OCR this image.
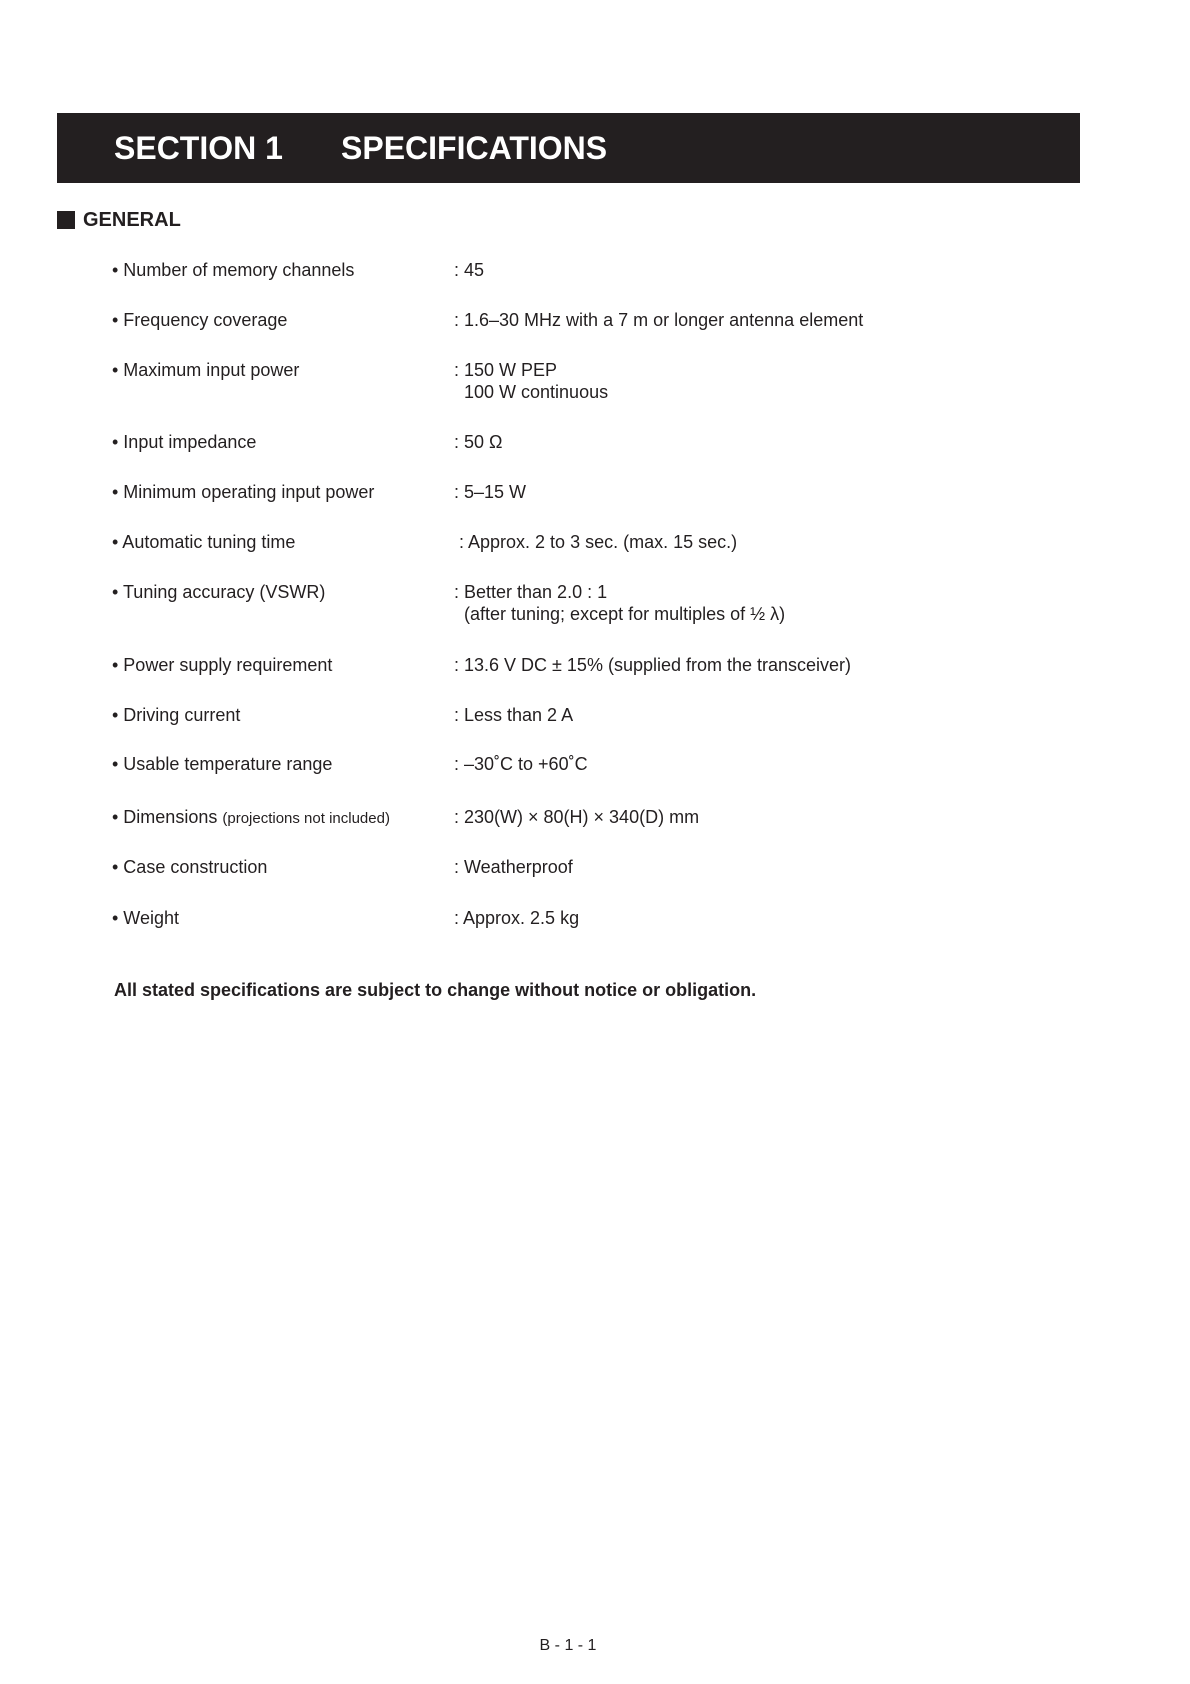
SECTION 1 SPECIFICATIONS
GENERAL
• Number of memory channels	: 45
• Frequency coverage	: 1.6–30 MHz with a 7 m or longer antenna element
• Maximum input power	: 150 W PEP
100 W continuous
• Input impedance	: 50 Ω
• Minimum operating input power	: 5–15 W
• Automatic tuning time	: Approx. 2 to 3 sec. (max. 15 sec.)
• Tuning accuracy (VSWR)	: Better than 2.0 : 1
(after tuning; except for multiples of ½ λ)
• Power supply requirement	: 13.6 V DC ± 15% (supplied from the transceiver)
• Driving current	: Less than 2 A
• Usable temperature range	: –30˚C to +60˚C
• Dimensions (projections not included)	: 230(W) × 80(H) × 340(D) mm
• Case construction	: Weatherproof
• Weight	: Approx. 2.5 kg
All stated specifications are subject to change without notice or obligation.
B - 1 - 1
